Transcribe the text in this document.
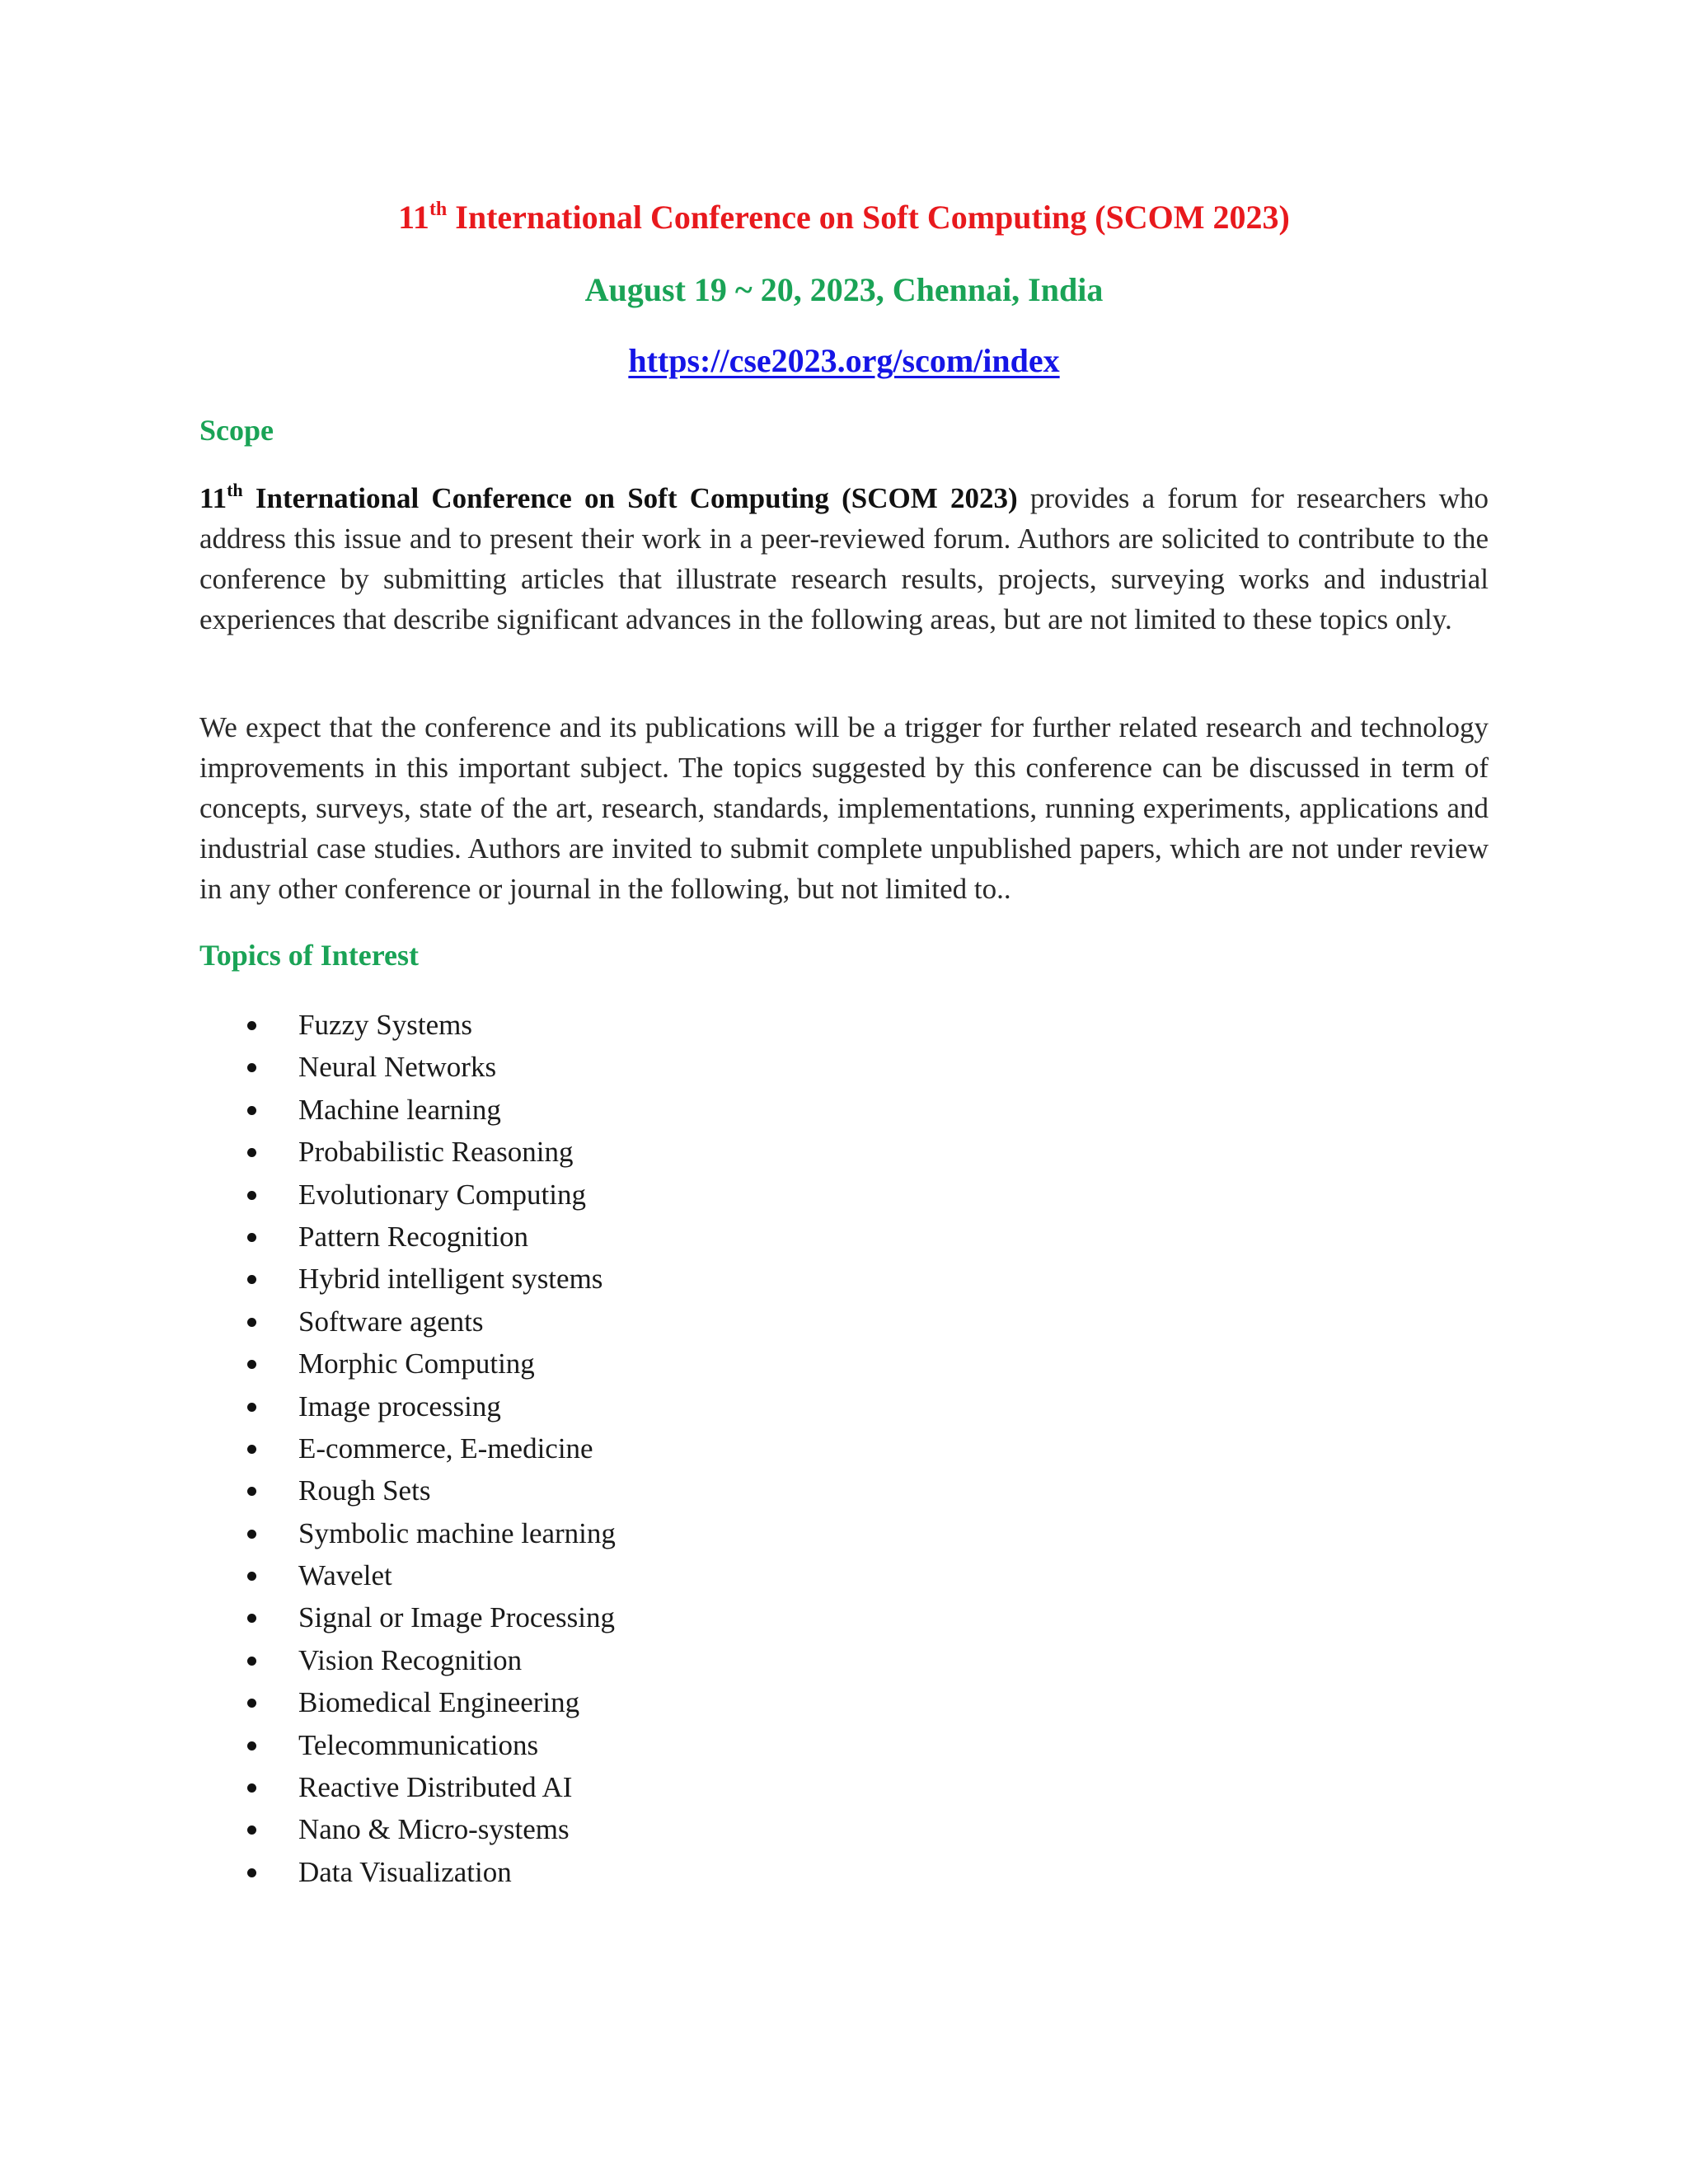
11th International Conference on Soft Computing (SCOM 2023)
August 19 ~ 20, 2023, Chennai, India
https://cse2023.org/scom/index
Scope
11th International Conference on Soft Computing (SCOM 2023) provides a forum for researchers who address this issue and to present their work in a peer-reviewed forum. Authors are solicited to contribute to the conference by submitting articles that illustrate research results, projects, surveying works and industrial experiences that describe significant advances in the following areas, but are not limited to these topics only.
We expect that the conference and its publications will be a trigger for further related research and technology improvements in this important subject. The topics suggested by this conference can be discussed in term of concepts, surveys, state of the art, research, standards, implementations, running experiments, applications and industrial case studies. Authors are invited to submit complete unpublished papers, which are not under review in any other conference or journal in the following, but not limited to..
Topics of Interest
Fuzzy Systems
Neural Networks
Machine learning
Probabilistic Reasoning
Evolutionary Computing
Pattern Recognition
Hybrid intelligent systems
Software agents
Morphic Computing
Image processing
E-commerce, E-medicine
Rough Sets
Symbolic machine learning
Wavelet
Signal or Image Processing
Vision Recognition
Biomedical Engineering
Telecommunications
Reactive Distributed AI
Nano & Micro-systems
Data Visualization
